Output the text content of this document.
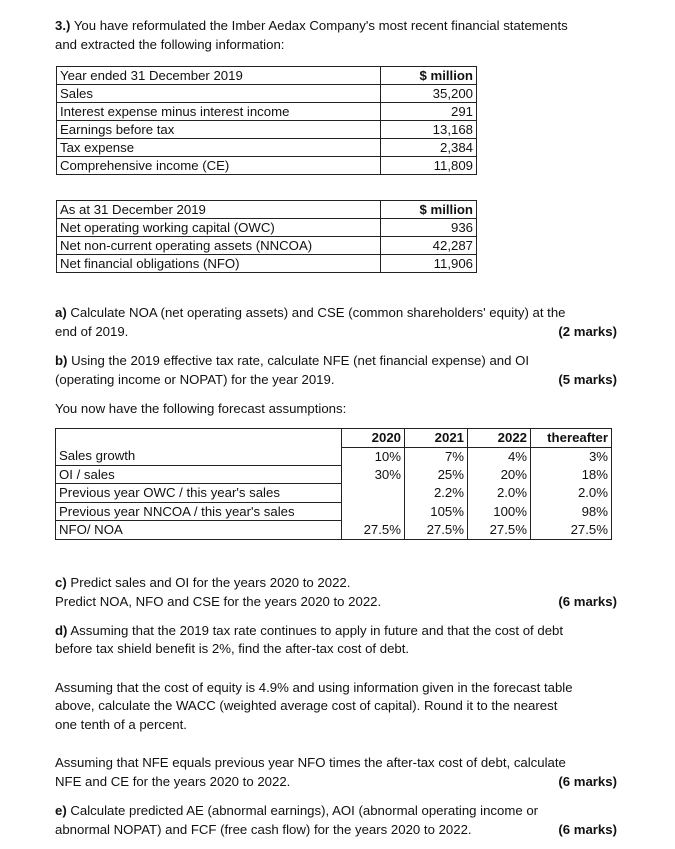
3.) You have reformulated the Imber Aedax Company's most recent financial statements
and extracted the following information:
Year ended 31 December 2019	$ million
Sales	35,200
Interest expense minus interest income	291
Earnings before tax	13,168
Tax expense	2,384
Comprehensive income (CE)	11,809
As at 31 December 2019	$ million
Net operating working capital (OWC)	936
Net non-current operating assets (NNCOA)	42,287
Net financial obligations (NFO)	11,906
a) Calculate NOA (net operating assets) and CSE (common shareholders' equity) at the
end of 2019.	(2 marks)
b) Using the 2019 effective tax rate, calculate NFE (net financial expense) and OI
(operating income or NOPAT) for the year 2019.	(5 marks)
You now have the following forecast assumptions:
	2020	2021	2022	thereafter
Sales growth	10%	7%	4%	3%
OI / sales	30%	25%	20%	18%
Previous year OWC / this year's sales		2.2%	2.0%	2.0%
Previous year NNCOA / this year's sales		105%	100%	98%
NFO/ NOA	27.5%	27.5%	27.5%	27.5%
c) Predict sales and OI for the years 2020 to 2022.
Predict NOA, NFO and CSE for the years 2020 to 2022.	(6 marks)
d) Assuming that the 2019 tax rate continues to apply in future and that the cost of debt
before tax shield benefit is 2%, find the after-tax cost of debt.
Assuming that the cost of equity is 4.9% and using information given in the forecast table
above, calculate the WACC (weighted average cost of capital). Round it to the nearest
one tenth of a percent.
Assuming that NFE equals previous year NFO times the after-tax cost of debt, calculate
NFE and CE for the years 2020 to 2022.	(6 marks)
e) Calculate predicted AE (abnormal earnings), AOI (abnormal operating income or
abnormal NOPAT) and FCF (free cash flow) for the years 2020 to 2022.	(6 marks)
